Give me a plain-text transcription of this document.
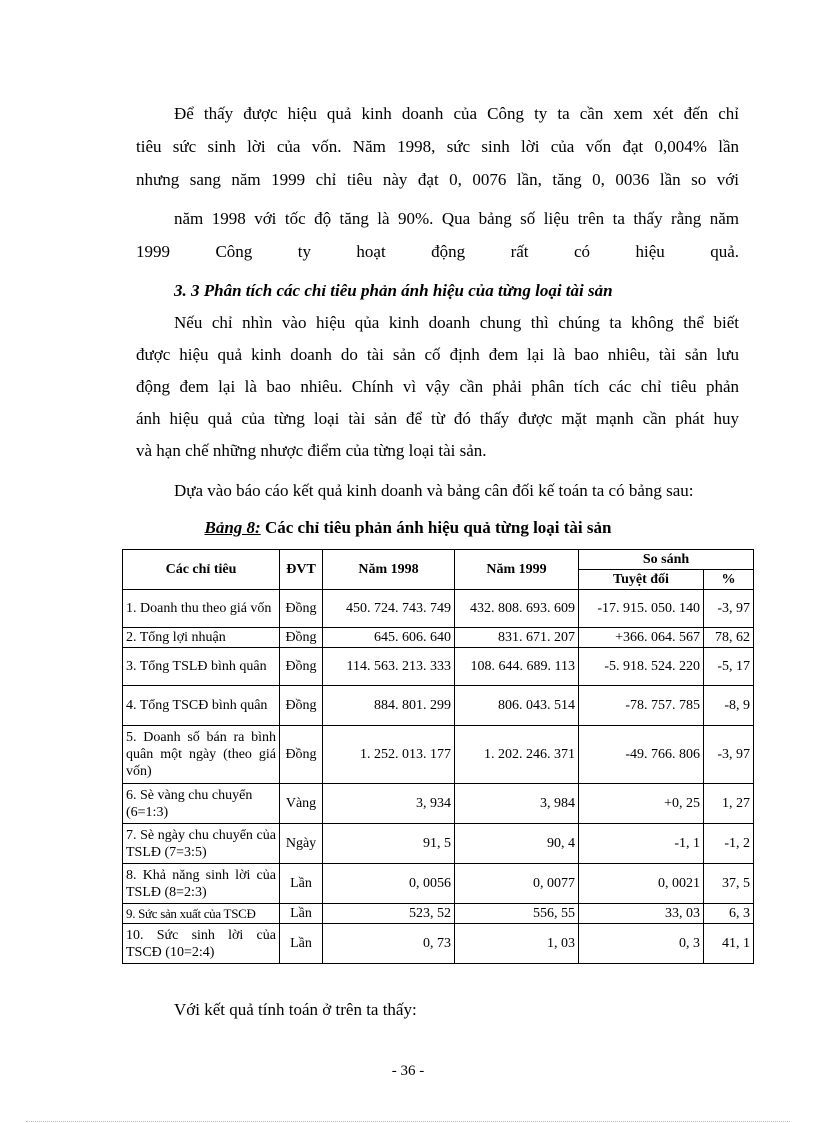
Để thấy được hiệu quả kinh doanh của Công ty ta cần xem xét đến chỉ
tiêu sức sinh lời của vốn. Năm 1998, sức sinh lời của vốn đạt 0,004% lần
nhưng sang năm 1999 chỉ tiêu này đạt 0, 0076 lần, tăng 0, 0036 lần so với
năm 1998 với tốc độ tăng là 90%. Qua bảng số liệu trên ta thấy rằng năm
1999 Công ty hoạt động rất có hiệu quả.
3. 3 Phân tích các chỉ tiêu phản ánh hiệu của từng loại tài sản
Nếu chỉ nhìn vào hiệu qủa kinh doanh chung thì chúng ta không thể biết
được hiệu quả kinh doanh do tài sản cố định đem lại là bao nhiêu, tài sản lưu
động đem lại là bao nhiêu. Chính vì vậy cần phải phân tích các chỉ tiêu phản
ánh hiệu quả của từng loại tài sản để từ đó thấy được mặt mạnh cần phát huy
và hạn chế những nhược điểm của từng loại tài sản.
Dựa vào báo cáo kết quả kinh doanh và bảng cân đối kế toán ta có bảng sau:
Bảng 8: Các chỉ tiêu phản ánh hiệu quả từng loại tài sản
Các chỉ tiêu	ĐVT	Năm 1998	Năm 1999	So sánh	
				Tuyệt đối	%
1. Doanh thu theo giá vốn	Đồng	450. 724. 743. 749	432. 808. 693. 609	-17. 915. 050. 140	-3, 97
2. Tổng lợi nhuận	Đồng	645. 606. 640	831. 671. 207	+366. 064. 567	78, 62
3. Tổng TSLĐ bình quân	Đồng	114. 563. 213. 333	108. 644. 689. 113	-5. 918. 524. 220	-5, 17
4. Tổng TSCĐ bình quân	Đồng	884. 801. 299	806. 043. 514	-78. 757. 785	-8, 9
5. Doanh số bán ra bình quân một ngày (theo giá vốn)	Đồng	1. 252. 013. 177	1. 202. 246. 371	-49. 766. 806	-3, 97
6. Sè vàng chu chuyển (6=1:3)	Vàng	3, 934	3, 984	+0, 25	1, 27
7. Sè ngày chu chuyển của TSLĐ (7=3:5)	Ngày	91, 5	90, 4	-1, 1	-1, 2
8. Khả năng sinh lời của TSLĐ (8=2:3)	Lần	0, 0056	0, 0077	0, 0021	37, 5
9. Sức sản xuất của TSCĐ	Lần	523, 52	556, 55	33, 03	6, 3
10. Sức sinh lời của TSCĐ (10=2:4)	Lần	0, 73	1, 03	0, 3	41, 1
Với kết quả tính toán ở trên ta thấy:
- 36 -
